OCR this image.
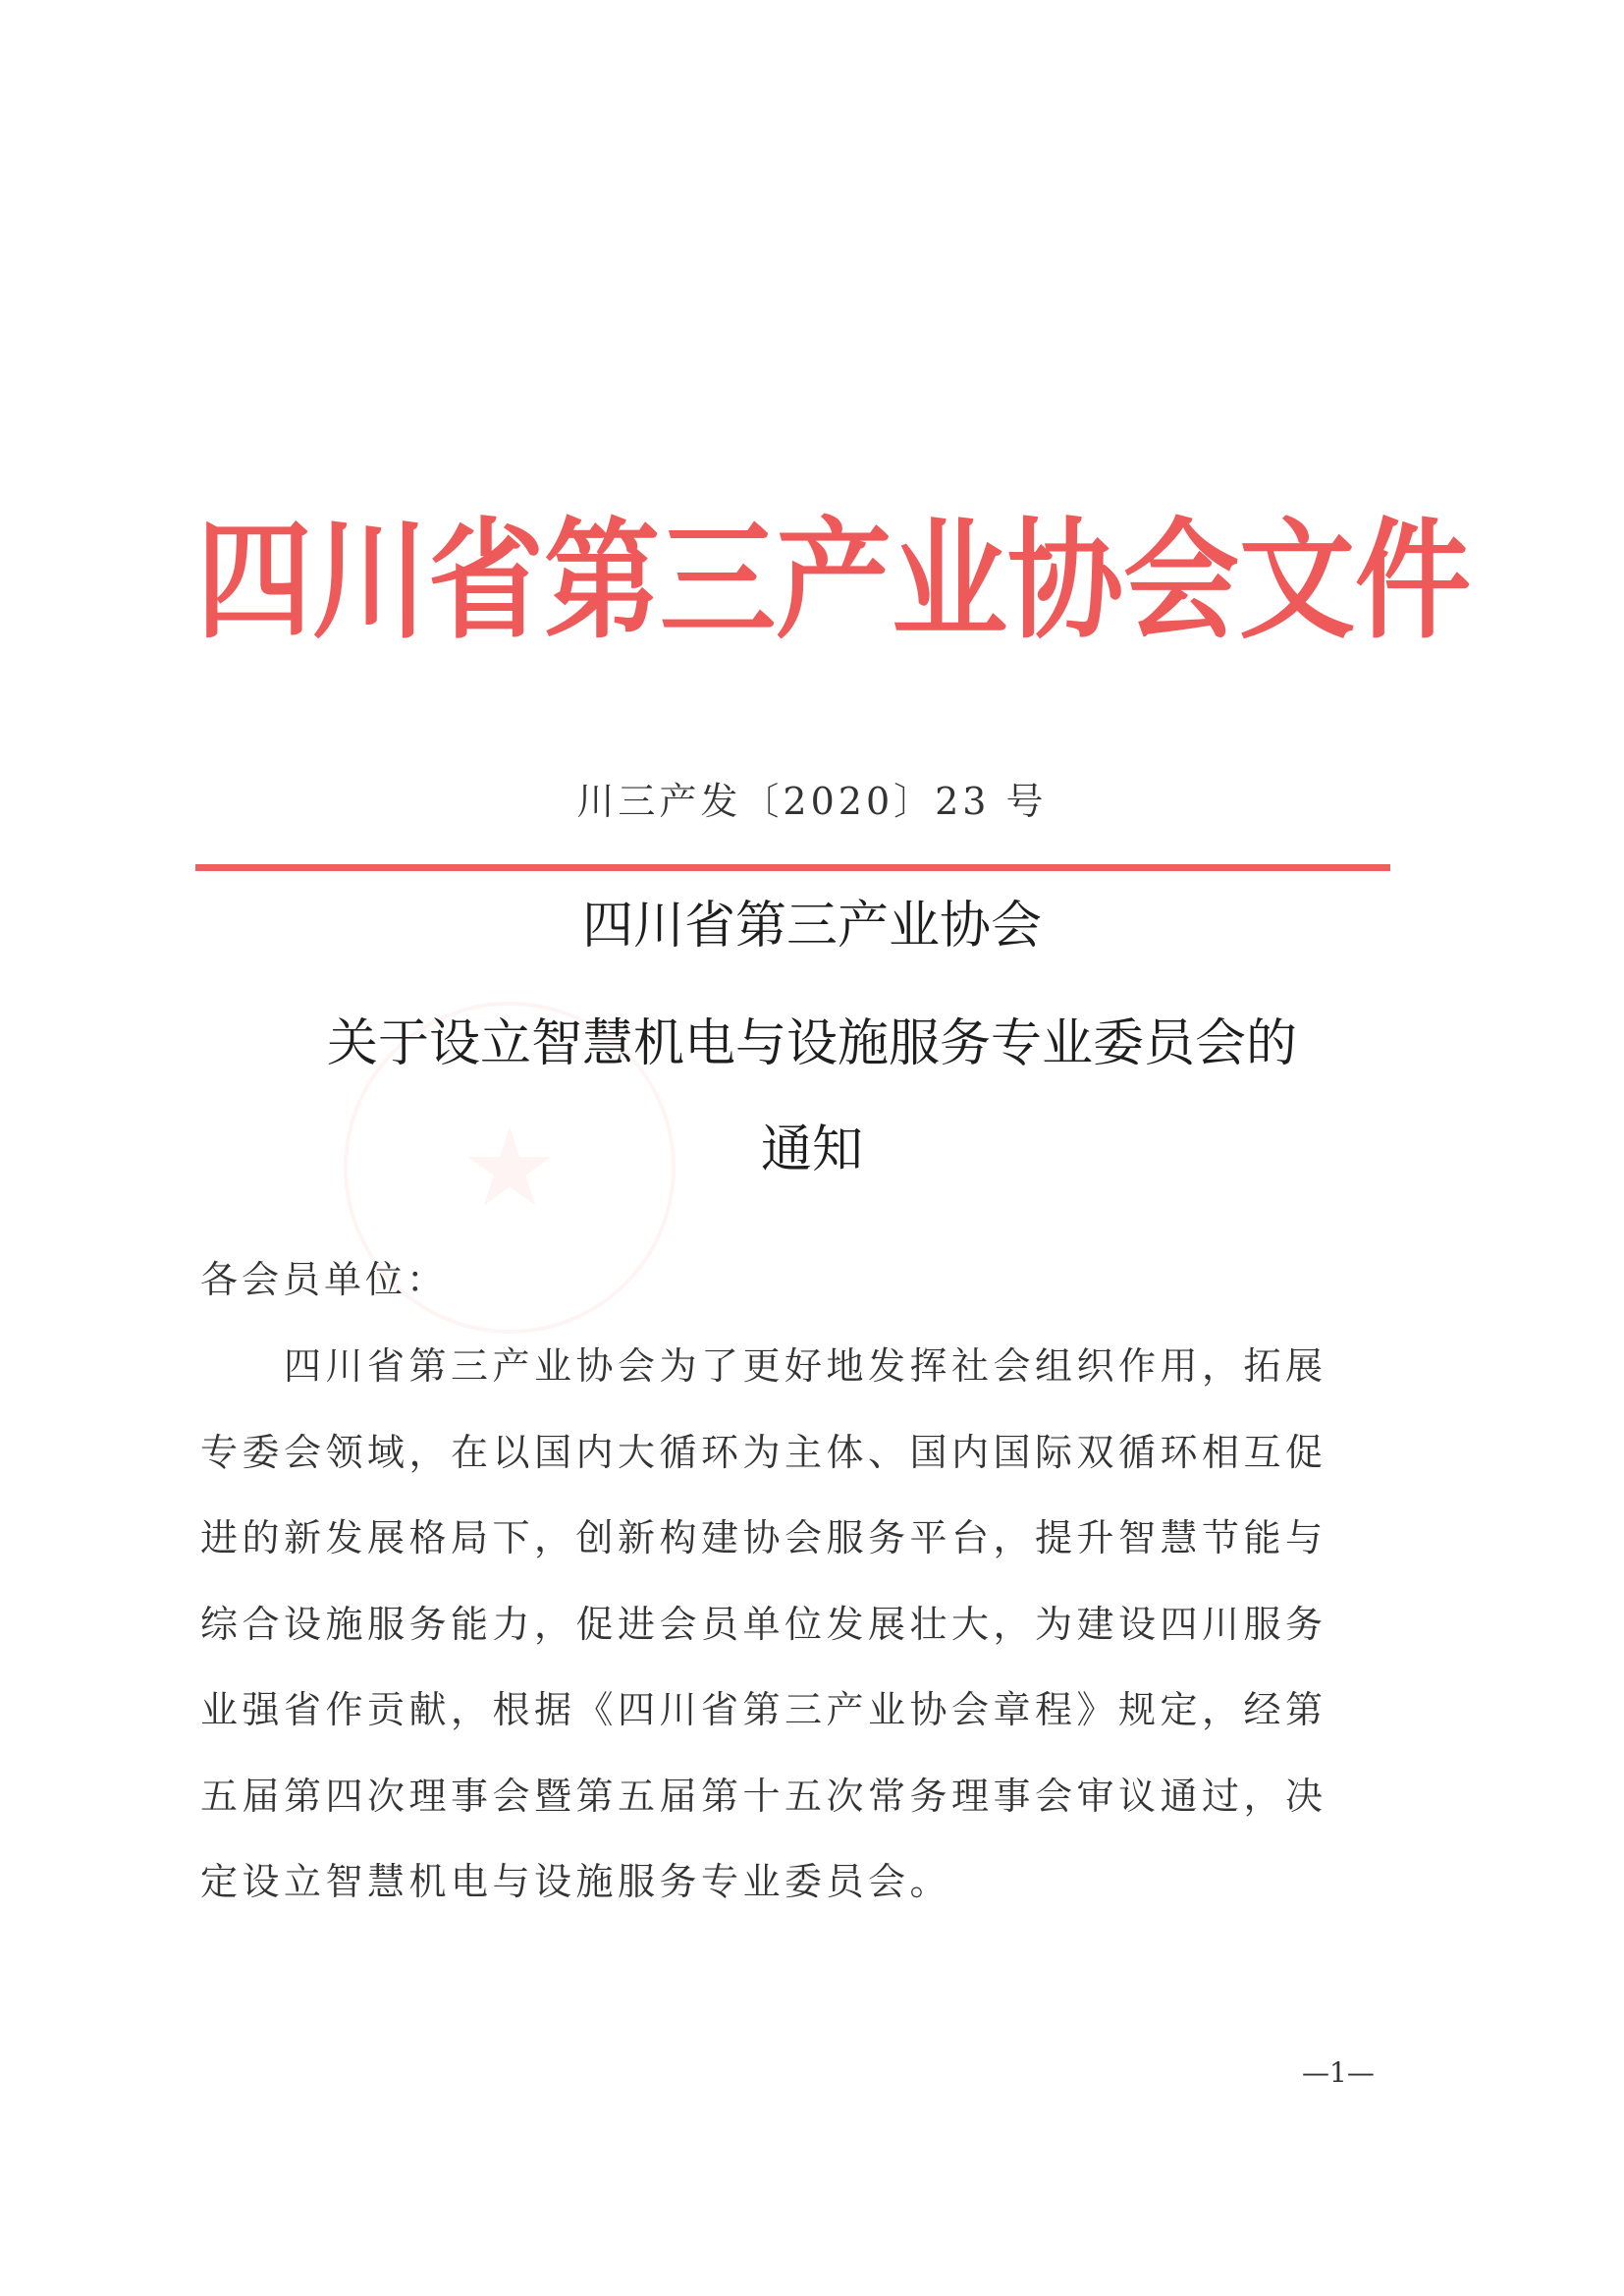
四 川 省 第 三 产 业 协 会 文 件
川三产发〔2020〕23 号
★
四川省第三产业协会
关于设立智慧机电与设施服务专业委员会的
通知
各会员单位：
　　四川省第三产业协会为了更好地发挥社会组织作用，拓展
专委会领域，在以国内大循环为主体、国内国际双循环相互促
进的新发展格局下，创新构建协会服务平台，提升智慧节能与
综合设施服务能力，促进会员单位发展壮大，为建设四川服务
业强省作贡献，根据《四川省第三产业协会章程》规定，经第
五届第四次理事会暨第五届第十五次常务理事会审议通过，决
定设立智慧机电与设施服务专业委员会。
—1—
